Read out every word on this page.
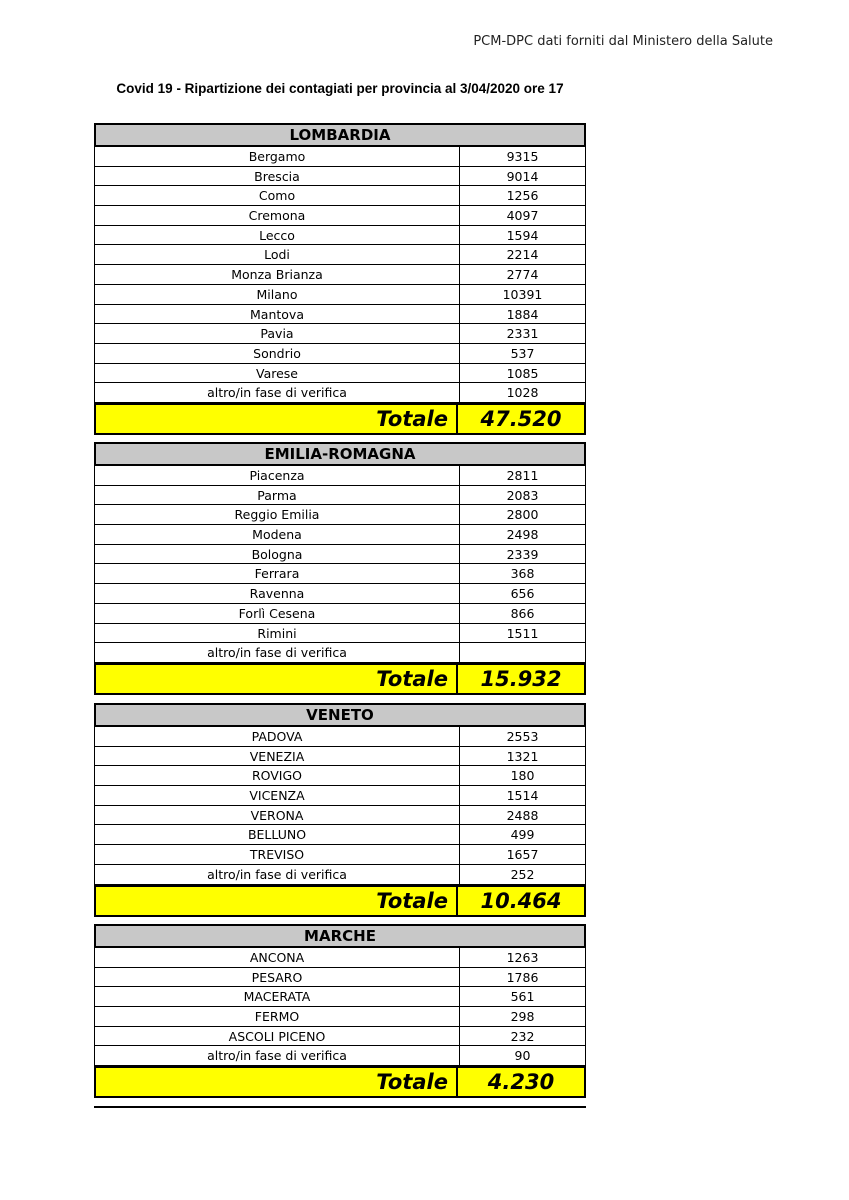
PCM-DPC dati forniti dal Ministero della Salute
Covid 19 - Ripartizione dei contagiati per provincia al 3/04/2020 ore 17
LOMBARDIA
Bergamo	9315
Brescia	9014
Como	1256
Cremona	4097
Lecco	1594
Lodi	2214
Monza Brianza	2774
Milano	10391
Mantova	1884
Pavia	2331
Sondrio	537
Varese	1085
altro/in fase di verifica	1028
Totale	47.520
EMILIA-ROMAGNA
Piacenza	2811
Parma	2083
Reggio Emilia	2800
Modena	2498
Bologna	2339
Ferrara	368
Ravenna	656
Forlì Cesena	866
Rimini	1511
altro/in fase di verifica
Totale	15.932
VENETO
PADOVA	2553
VENEZIA	1321
ROVIGO	180
VICENZA	1514
VERONA	2488
BELLUNO	499
TREVISO	1657
altro/in fase di verifica	252
Totale	10.464
MARCHE
ANCONA	1263
PESARO	1786
MACERATA	561
FERMO	298
ASCOLI PICENO	232
altro/in fase di verifica	90
Totale	4.230
